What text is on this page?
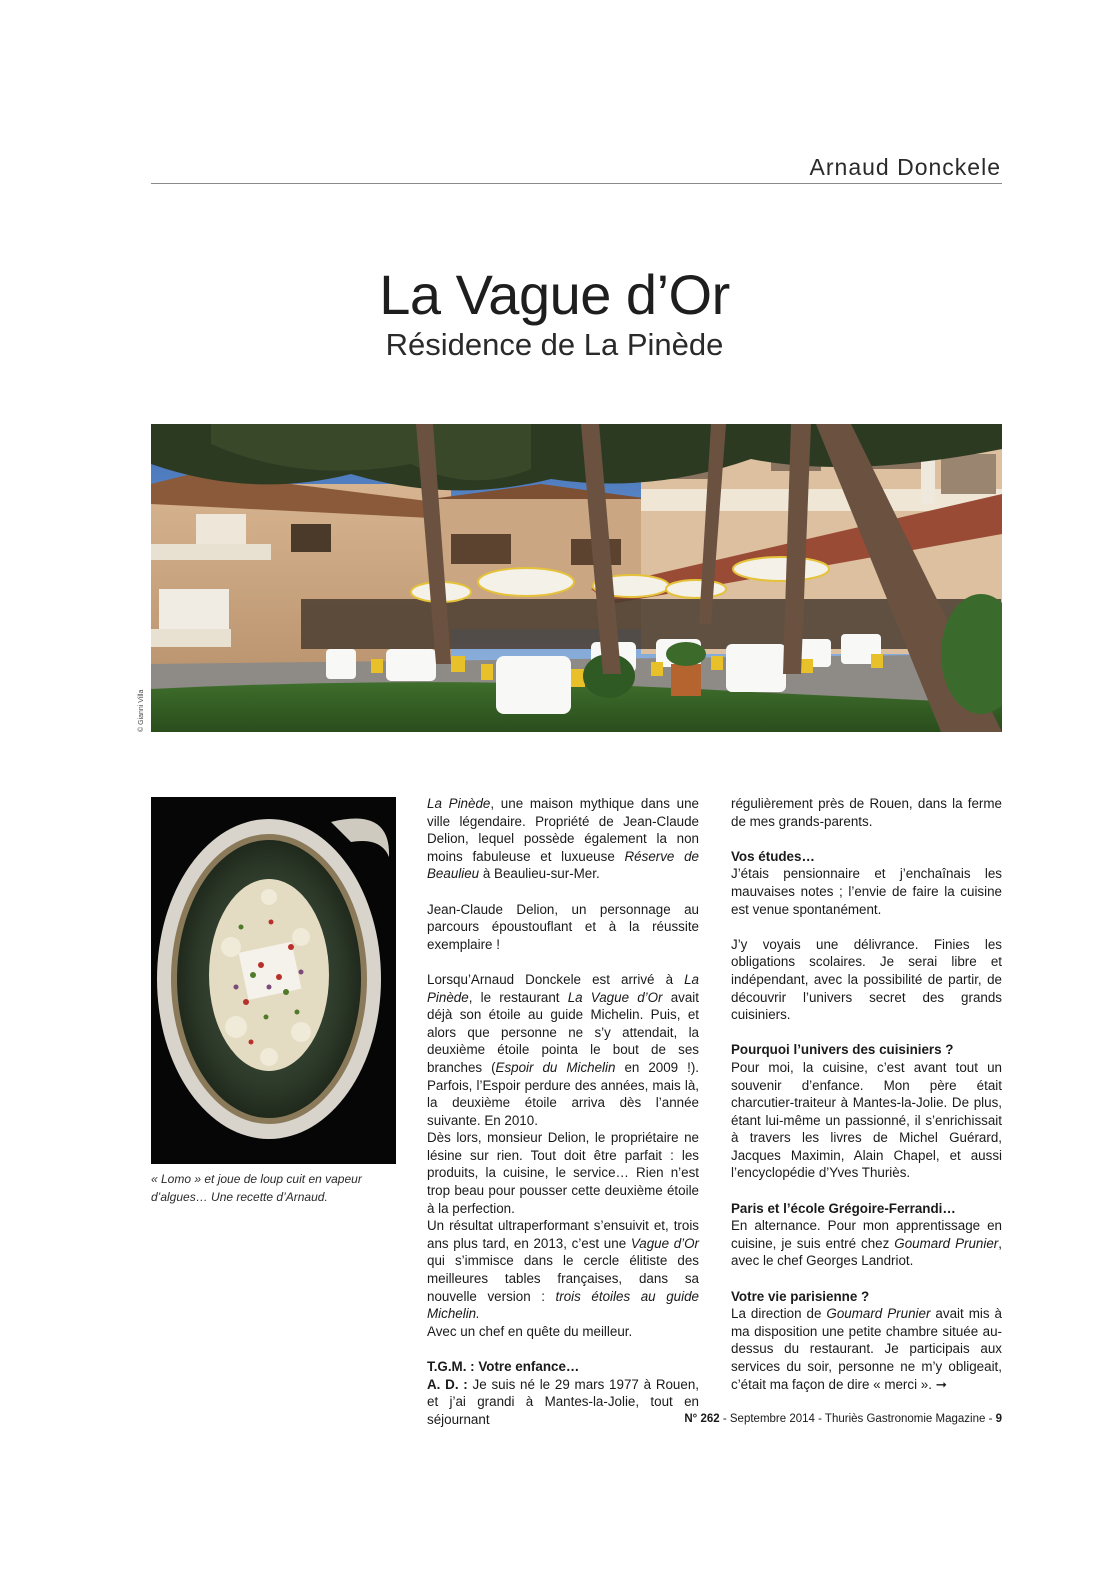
Arnaud Donckele
La Vague d’Or
Résidence de La Pinède
© Gianni Villa
« Lomo » et joue de loup cuit en vapeur d’algues… Une recette d’Arnaud.

La Pinède, une maison mythique dans une ville légendaire. Propriété de Jean-Claude Delion, lequel possède également la non moins fabuleuse et luxueuse Réserve de Beaulieu à Beaulieu-sur-Mer.

Jean-Claude Delion, un personnage au parcours époustouflant et à la réussite exemplaire !

Lorsqu’Arnaud Donckele est arrivé à La Pinède, le restaurant La Vague d’Or avait déjà son étoile au guide Michelin. Puis, et alors que personne ne s’y attendait, la deuxième étoile pointa le bout de ses branches (Espoir du Michelin en 2009 !). Parfois, l’Espoir perdure des années, mais là, la deuxième étoile arriva dès l’année suivante. En 2010.

Dès lors, monsieur Delion, le propriétaire ne lésine sur rien. Tout doit être parfait : les produits, la cuisine, le service… Rien n’est trop beau pour pousser cette deuxième étoile à la perfection.

Un résultat ultraperformant s’ensuivit et, trois ans plus tard, en 2013, c’est une Vague d’Or qui s’immisce dans le cercle élitiste des meilleures tables françaises, dans sa nouvelle version : trois étoiles au guide Michelin.

Avec un chef en quête du meilleur.

T.G.M. : Votre enfance…

A. D. : Je suis né le 29 mars 1977 à Rouen, et j’ai grandi à Mantes-la-Jolie, tout en séjournant

régulièrement près de Rouen, dans la ferme de mes grands-parents.

Vos études…

J’étais pensionnaire et j’enchaînais les mauvaises notes ; l’envie de faire la cuisine est venue spontanément.

J’y voyais une délivrance. Finies les obligations scolaires. Je serai libre et indépendant, avec la possibilité de partir, de découvrir l’univers secret des grands cuisiniers.

Pourquoi l’univers des cuisiniers ?

Pour moi, la cuisine, c’est avant tout un souvenir d’enfance. Mon père était charcutier-traiteur à Mantes-la-Jolie. De plus, étant lui-même un passionné, il s’enrichissait à travers les livres de Michel Guérard, Jacques Maximin, Alain Chapel, et aussi l’encyclopédie d’Yves Thuriès.

Paris et l’école Grégoire-Ferrandi…

En alternance. Pour mon apprentissage en cuisine, je suis entré chez Goumard Prunier, avec le chef Georges Landriot.

Votre vie parisienne ?

La direction de Goumard Prunier avait mis à ma disposition une petite chambre située au-dessus du restaurant. Je participais aux services du soir, personne ne m’y obligeait, c’était ma façon de dire « merci ». ➞

N° 262 - Septembre 2014 - Thuriès Gastronomie Magazine - 9
